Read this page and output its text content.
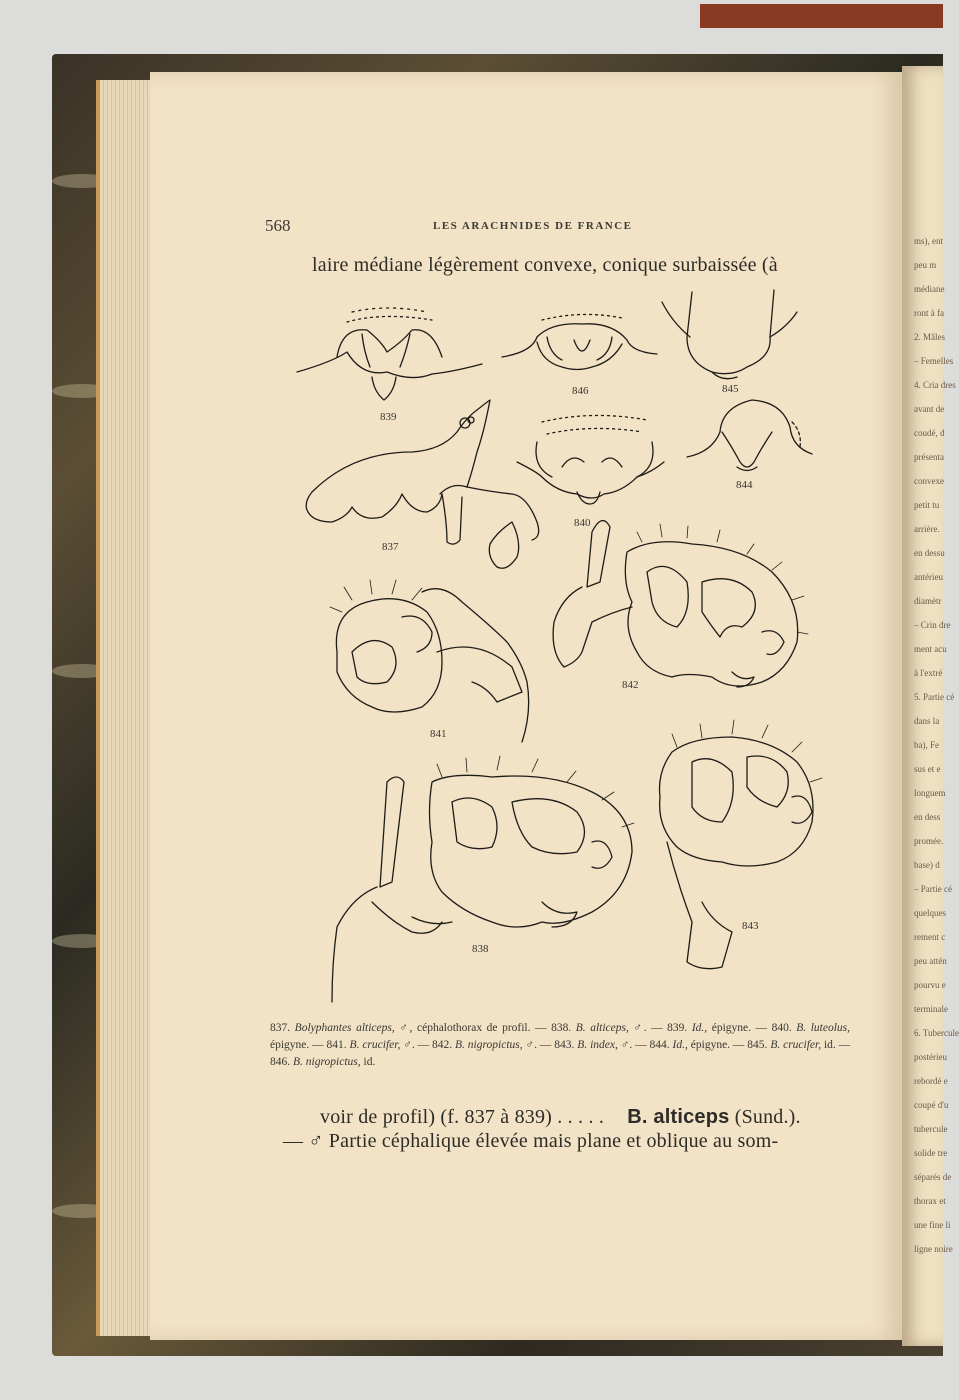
ms), ent
peu m
médiane
ront à fa
2. Mâles
– Femelles
4. Cria dres
avant de
coudé, d
présenta
convexe
petit tu
arrière.
en dessu
antérieu
diamètr
– Crin dre
ment acu
à l'extré
5. Partie cé
dans la
ba), Fe
sus et e
longuem
en dess
promée.
base) d
– Partie cé
quelques
rement c
peu attén
pourvu e
terminale
6. Tubercule
postérieu
rebordé e
coupé d'u
tubercule
solide tre
séparés de
thorax et
une fine li
ligne noire
568	LES ARACHNIDES DE FRANCE
laire médiane légèrement convexe, conique surbaissée (à
839
846	845
844
840
837
842
841
838
843
837. Bolyphantes alticeps, ♂, céphalothorax de profil. — 838. B. alticeps, ♂. — 839. Id., épigyne. — 840. B. luteolus, épigyne. — 841. B. crucifer, ♂. — 842. B. nigropictus, ♂. — 843. B. index, ♂. — 844. Id., épigyne. — 845. B. crucifer, id. — 846. B. nigropictus, id.
voir de profil) (f. 837 à 839) . . . . . B. alticeps (Sund.).
— ♂ Partie céphalique élevée mais plane et oblique au som-
